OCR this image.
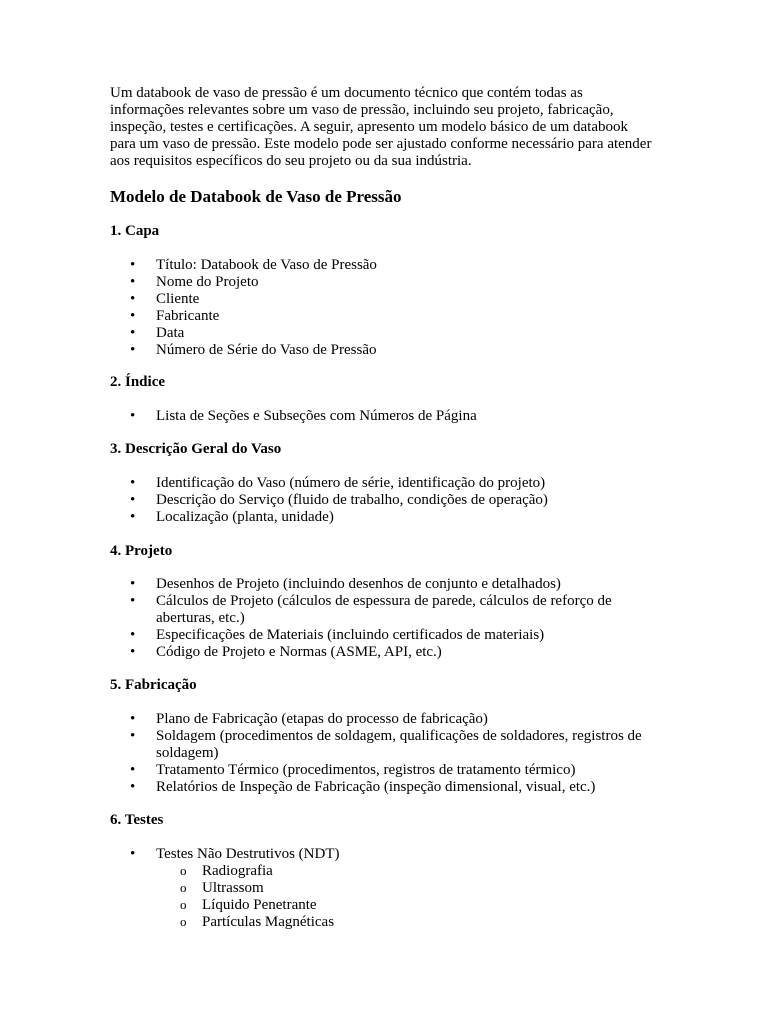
Um databook de vaso de pressão é um documento técnico que contém todas as informações relevantes sobre um vaso de pressão, incluindo seu projeto, fabricação, inspeção, testes e certificações. A seguir, apresento um modelo básico de um databook para um vaso de pressão. Este modelo pode ser ajustado conforme necessário para atender aos requisitos específicos do seu projeto ou da sua indústria.

Modelo de Databook de Vaso de Pressão
1. Capa
• Título: Databook de Vaso de Pressão
• Nome do Projeto
• Cliente
• Fabricante
• Data
• Número de Série do Vaso de Pressão
2. Índice
• Lista de Seções e Subseções com Números de Página
3. Descrição Geral do Vaso
• Identificação do Vaso (número de série, identificação do projeto)
• Descrição do Serviço (fluido de trabalho, condições de operação)
• Localização (planta, unidade)
4. Projeto
• Desenhos de Projeto (incluindo desenhos de conjunto e detalhados)
• Cálculos de Projeto (cálculos de espessura de parede, cálculos de reforço de aberturas, etc.)
• Especificações de Materiais (incluindo certificados de materiais)
• Código de Projeto e Normas (ASME, API, etc.)
5. Fabricação
• Plano de Fabricação (etapas do processo de fabricação)
• Soldagem (procedimentos de soldagem, qualificações de soldadores, registros de soldagem)
• Tratamento Térmico (procedimentos, registros de tratamento térmico)
• Relatórios de Inspeção de Fabricação (inspeção dimensional, visual, etc.)
6. Testes
• Testes Não Destrutivos (NDT)
o Radiografia
o Ultrassom
o Líquido Penetrante
o Partículas Magnéticas
